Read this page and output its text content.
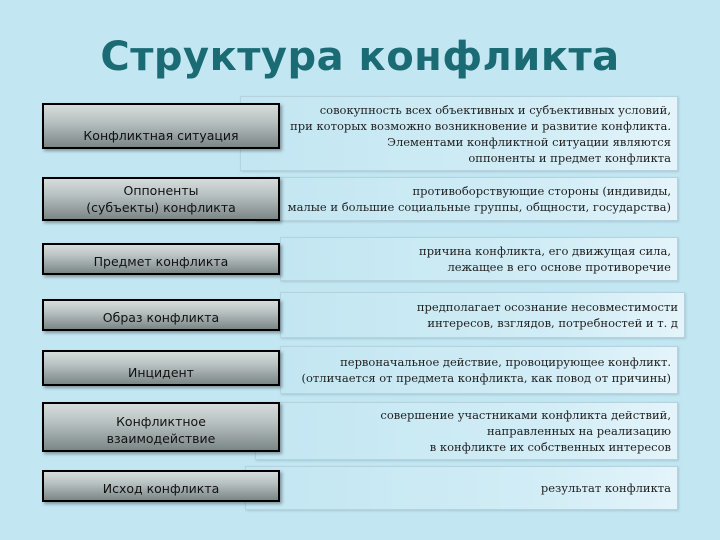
Структура конфликта
совокупность всех объективных и субъективных условий,
при которых возможно возникновение и развитие конфликта.
Элементами конфликтной ситуации являются
оппоненты и предмет конфликта
Конфликтная ситуация
противоборствующие стороны (индивиды,
малые и большие социальные группы, общности, государства)
Оппоненты
(субъекты) конфликта
причина конфликта, его движущая сила,
лежащее в его основе противоречие
Предмет конфликта
предполагает осознание несовместимости
интересов, взглядов, потребностей и т. д
Образ конфликта
первоначальное действие, провоцирующее конфликт.
(отличается от предмета конфликта, как повод от причины)
Инцидент
совершение участниками конфликта действий,
направленных на реализацию
в конфликте их собственных интересов
Конфликтное
взаимодействие
результат конфликта
Исход конфликта
